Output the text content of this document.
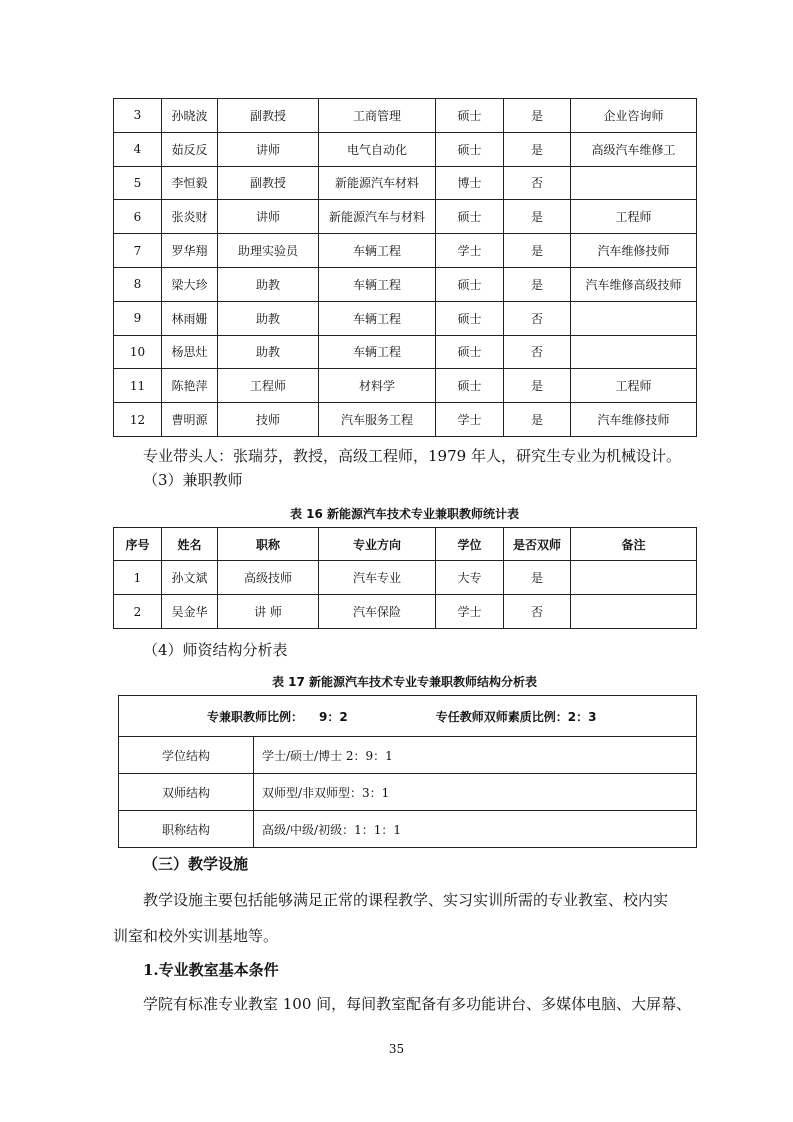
3	孙晓波	副教授	工商管理	硕士	是	企业咨询师
4	茹反反	讲师	电气自动化	硕士	是	高级汽车维修工
5	李恒毅	副教授	新能源汽车材料	博士	否	
6	张炎财	讲师	新能源汽车与材料	硕士	是	工程师
7	罗华翔	助理实验员	车辆工程	学士	是	汽车维修技师
8	梁大珍	助教	车辆工程	硕士	是	汽车维修高级技师
9	林雨姗	助教	车辆工程	硕士	否	
10	杨思灶	助教	车辆工程	硕士	否	
11	陈艳萍	工程师	材料学	硕士	是	工程师
12	曹明源	技师	汽车服务工程	学士	是	汽车维修技师

专业带头人：张瑞芬，教授，高级工程师，1979 年人，研究生专业为机械设计。

（3）兼职教师

表 16 新能源汽车技术专业兼职教师统计表
序号	姓名	职称	专业方向	学位	是否双师	备注
1	孙文斌	高级技师	汽车专业	大专	是	
2	吴金华	讲 师	汽车保险	学士	否	

（4）师资结构分析表

表 17 新能源汽车技术专业专兼职教师结构分析表
专兼职教师比例： 9：2 专任教师双师素质比例：2：3	
学位结构	学士/硕士/博士 2：9：1
双师结构	双师型/非双师型：3：1
职称结构	高级/中级/初级：1：1：1

（三）教学设施

教学设施主要包括能够满足正常的课程教学、实习实训所需的专业教室、校内实

训室和校外实训基地等。

1.专业教室基本条件

学院有标准专业教室 100 间，每间教室配备有多功能讲台、多媒体电脑、大屏幕、

35
